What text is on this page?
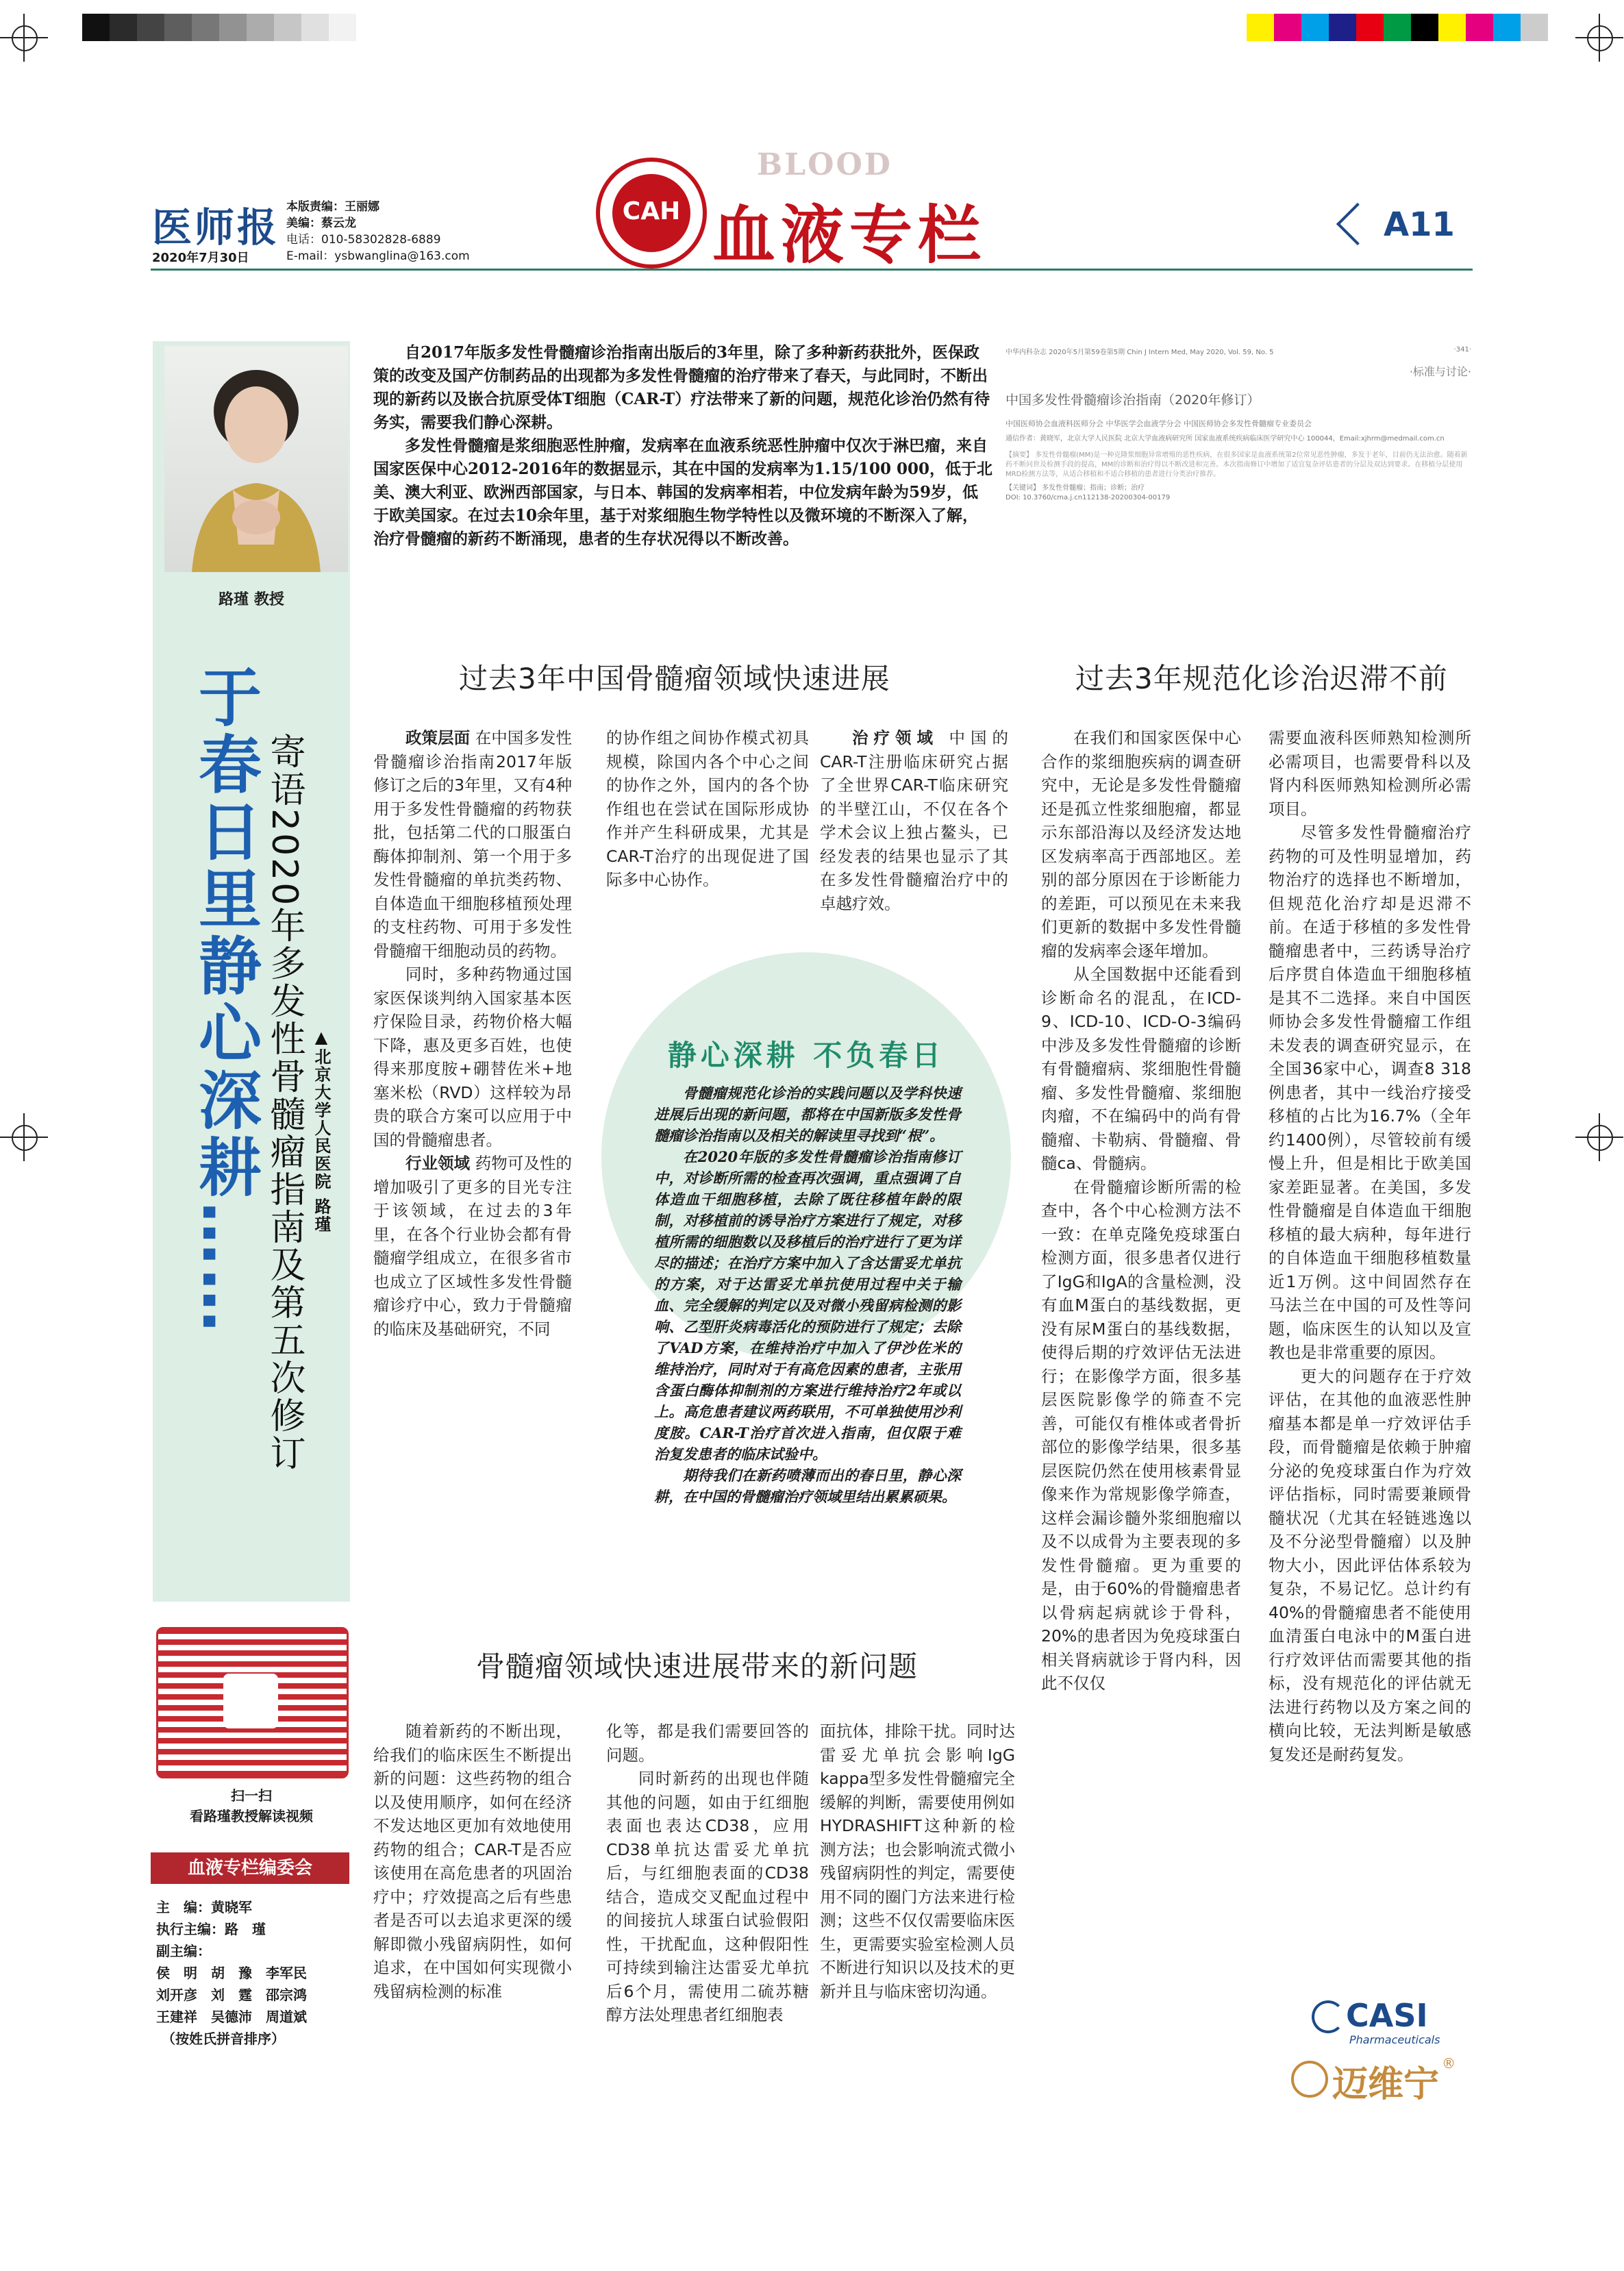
医师报
2020年7月30日
本版责编：王丽娜
美编：蔡云龙
电话：010-58302828-6889
E-mail：ysbwanglina@163.com
CAH
BLOOD
血液专栏	A11
路瑾 教授
于春日里静心深耕…… 寄语2020年多发性骨髓瘤指南及第五次修订 ▲北京大学人民医院 路瑾

自2017年版多发性骨髓瘤诊治指南出版后的3年里，除了多种新药获批外，医保政策的改变及国产仿制药品的出现都为多发性骨髓瘤的治疗带来了春天，与此同时，不断出现的新药以及嵌合抗原受体T细胞（CAR-T）疗法带来了新的问题，规范化诊治仍然有待务实，需要我们静心深耕。

多发性骨髓瘤是浆细胞恶性肿瘤，发病率在血液系统恶性肿瘤中仅次于淋巴瘤，来自国家医保中心2012-2016年的数据显示，其在中国的发病率为1.15/100 000，低于北美、澳大利亚、欧洲西部国家，与日本、韩国的发病率相若，中位发病年龄为59岁，低于欧美国家。在过去10余年里，基于对浆细胞生物学特性以及微环境的不断深入了解，治疗骨髓瘤的新药不断涌现，患者的生存状况得以不断改善。

中华内科杂志 2020年5月第59卷第5期 Chin J Intern Med, May 2020, Vol. 59, No. 5	·341·
·标准与讨论·
中国多发性骨髓瘤诊治指南（2020年修订）
中国医师协会血液科医师分会 中华医学会血液学分会 中国医师协会多发性骨髓瘤专业委员会
通信作者：黄晓军，北京大学人民医院 北京大学血液病研究所 国家血液系统疾病临床医学研究中心 100044，Email:xjhrm@medmail.com.cn
【摘要】 多发性骨髓瘤(MM)是一种克隆浆细胞异常增殖的恶性疾病，在很多国家是血液系统第2位常见恶性肿瘤，多发于老年，目前仍无法治愈。随着新药不断问世及检测手段的提高，MM的诊断和治疗得以不断改进和完善。本次指南修订中增加了适宜复杂评估患者的分层及双达到要求。在移植分层使用MRD检测方法等，从适合移植和不适合移植的患者进行分类治疗推荐。
【关键词】 多发性骨髓瘤；指南；诊断；治疗
DOI: 10.3760/cma.j.cn112138-20200304-00179
过去3年中国骨髓瘤领域快速进展	过去3年规范化诊治迟滞不前
骨髓瘤领域快速进展带来的新问题

政策层面 在中国多发性骨髓瘤诊治指南2017年版修订之后的3年里，又有4种用于多发性骨髓瘤的药物获批，包括第二代的口服蛋白酶体抑制剂、第一个用于多发性骨髓瘤的单抗类药物、自体造血干细胞移植预处理的支柱药物、可用于多发性骨髓瘤干细胞动员的药物。

同时，多种药物通过国家医保谈判纳入国家基本医疗保险目录，药物价格大幅下降，惠及更多百姓，也使得来那度胺+硼替佐米+地塞米松（RVD）这样较为昂贵的联合方案可以应用于中国的骨髓瘤患者。

行业领域 药物可及性的增加吸引了更多的目光专注于该领域，在过去的3年里，在各个行业协会都有骨髓瘤学组成立，在很多省市也成立了区域性多发性骨髓瘤诊疗中心，致力于骨髓瘤的临床及基础研究，不同

的协作组之间协作模式初具规模，除国内各个中心之间的协作之外，国内的各个协作组也在尝试在国际形成协作并产生科研成果，尤其是CAR-T治疗的出现促进了国际多中心协作。

治疗领域 中国的CAR-T注册临床研究占据了全世界CAR-T临床研究的半壁江山，不仅在各个学术会议上独占鳌头，已经发表的结果也显示了其在多发性骨髓瘤治疗中的卓越疗效。

静心深耕 不负春日

骨髓瘤规范化诊治的实践问题以及学科快速进展后出现的新问题，都将在中国新版多发性骨髓瘤诊治指南以及相关的解读里寻找到“根”。

在2020年版的多发性骨髓瘤诊治指南修订中，对诊断所需的检查再次强调，重点强调了自体造血干细胞移植，去除了既往移植年龄的限制，对移植前的诱导治疗方案进行了规定，对移植所需的细胞数以及移植后的治疗进行了更为详尽的描述；在治疗方案中加入了含达雷妥尤单抗的方案，对于达雷妥尤单抗使用过程中关于输血、完全缓解的判定以及对微小残留病检测的影响、乙型肝炎病毒活化的预防进行了规定；去除了VAD方案，在维持治疗中加入了伊沙佐米的维持治疗，同时对于有高危因素的患者，主张用含蛋白酶体抑制剂的方案进行维持治疗2年或以上。高危患者建议两药联用，不可单独使用沙利度胺。CAR-T治疗首次进入指南，但仅限于难治复发患者的临床试验中。

期待我们在新药喷薄而出的春日里，静心深耕，在中国的骨髓瘤治疗领域里结出累累硕果。

在我们和国家医保中心合作的浆细胞疾病的调查研究中，无论是多发性骨髓瘤还是孤立性浆细胞瘤，都显示东部沿海以及经济发达地区发病率高于西部地区。差别的部分原因在于诊断能力的差距，可以预见在未来我们更新的数据中多发性骨髓瘤的发病率会逐年增加。

从全国数据中还能看到诊断命名的混乱，在ICD-9、ICD-10、ICD-O-3编码中涉及多发性骨髓瘤的诊断有骨髓瘤病、浆细胞性骨髓瘤、多发性骨髓瘤、浆细胞肉瘤，不在编码中的尚有骨髓瘤、卡勒病、骨髓瘤、骨髓ca、骨髓病。

在骨髓瘤诊断所需的检查中，各个中心检测方法不一致：在单克隆免疫球蛋白检测方面，很多患者仅进行了IgG和IgA的含量检测，没有血M蛋白的基线数据，更没有尿M蛋白的基线数据，使得后期的疗效评估无法进行；在影像学方面，很多基层医院影像学的筛查不完善，可能仅有椎体或者骨折部位的影像学结果，很多基层医院仍然在使用核素骨显像来作为常规影像学筛查，这样会漏诊髓外浆细胞瘤以及不以成骨为主要表现的多发性骨髓瘤。更为重要的是，由于60%的骨髓瘤患者以骨病起病就诊于骨科，20%的患者因为免疫球蛋白相关肾病就诊于肾内科，因此不仅仅

需要血液科医师熟知检测所必需项目，也需要骨科以及肾内科医师熟知检测所必需项目。

尽管多发性骨髓瘤治疗药物的可及性明显增加，药物治疗的选择也不断增加，但规范化治疗却是迟滞不前。在适于移植的多发性骨髓瘤患者中，三药诱导治疗后序贯自体造血干细胞移植是其不二选择。来自中国医师协会多发性骨髓瘤工作组未发表的调查研究显示，在全国36家中心，调查8 318例患者，其中一线治疗接受移植的占比为16.7%（全年约1400例），尽管较前有缓慢上升，但是相比于欧美国家差距显著。在美国，多发性骨髓瘤是自体造血干细胞移植的最大病种，每年进行的自体造血干细胞移植数量近1万例。这中间固然存在马法兰在中国的可及性等问题，临床医生的认知以及宣教也是非常重要的原因。

更大的问题存在于疗效评估，在其他的血液恶性肿瘤基本都是单一疗效评估手段，而骨髓瘤是依赖于肿瘤分泌的免疫球蛋白作为疗效评估指标，同时需要兼顾骨髓状况（尤其在轻链逃逸以及不分泌型骨髓瘤）以及肿物大小，因此评估体系较为复杂，不易记忆。总计约有40%的骨髓瘤患者不能使用血清蛋白电泳中的M蛋白进行疗效评估而需要其他的指标，没有规范化的评估就无法进行药物以及方案之间的横向比较，无法判断是敏感复发还是耐药复发。

随着新药的不断出现，给我们的临床医生不断提出新的问题：这些药物的组合以及使用顺序，如何在经济不发达地区更加有效地使用药物的组合；CAR-T是否应该使用在高危患者的巩固治疗中；疗效提高之后有些患者是否可以去追求更深的缓解即微小残留病阴性，如何追求，在中国如何实现微小残留病检测的标准

化等，都是我们需要回答的问题。

同时新药的出现也伴随其他的问题，如由于红细胞表面也表达CD38，应用CD38单抗达雷妥尤单抗后，与红细胞表面的CD38结合，造成交叉配血过程中的间接抗人球蛋白试验假阳性，干扰配血，这种假阳性可持续到输注达雷妥尤单抗后6个月，需使用二硫苏糖醇方法处理患者红细胞表

面抗体，排除干扰。同时达雷妥尤单抗会影响IgG kappa型多发性骨髓瘤完全缓解的判断，需要使用例如HYDRASHIFT这种新的检测方法；也会影响流式微小残留病阴性的判定，需要使用不同的圈门方法来进行检测；这些不仅仅需要临床医生，更需要实验室检测人员不断进行知识以及技术的更新并且与临床密切沟通。

扫一扫
看路瑾教授解读视频
血液专栏编委会
主　编：黄晓军
执行主编：路　瑾
副主编：
侯　明　胡　豫　李军民
刘开彦　刘　霆　邵宗鸿
王建祥　吴德沛　周道斌
（按姓氏拼音排序）
CASI
Pharmaceuticals
迈维宁
®
